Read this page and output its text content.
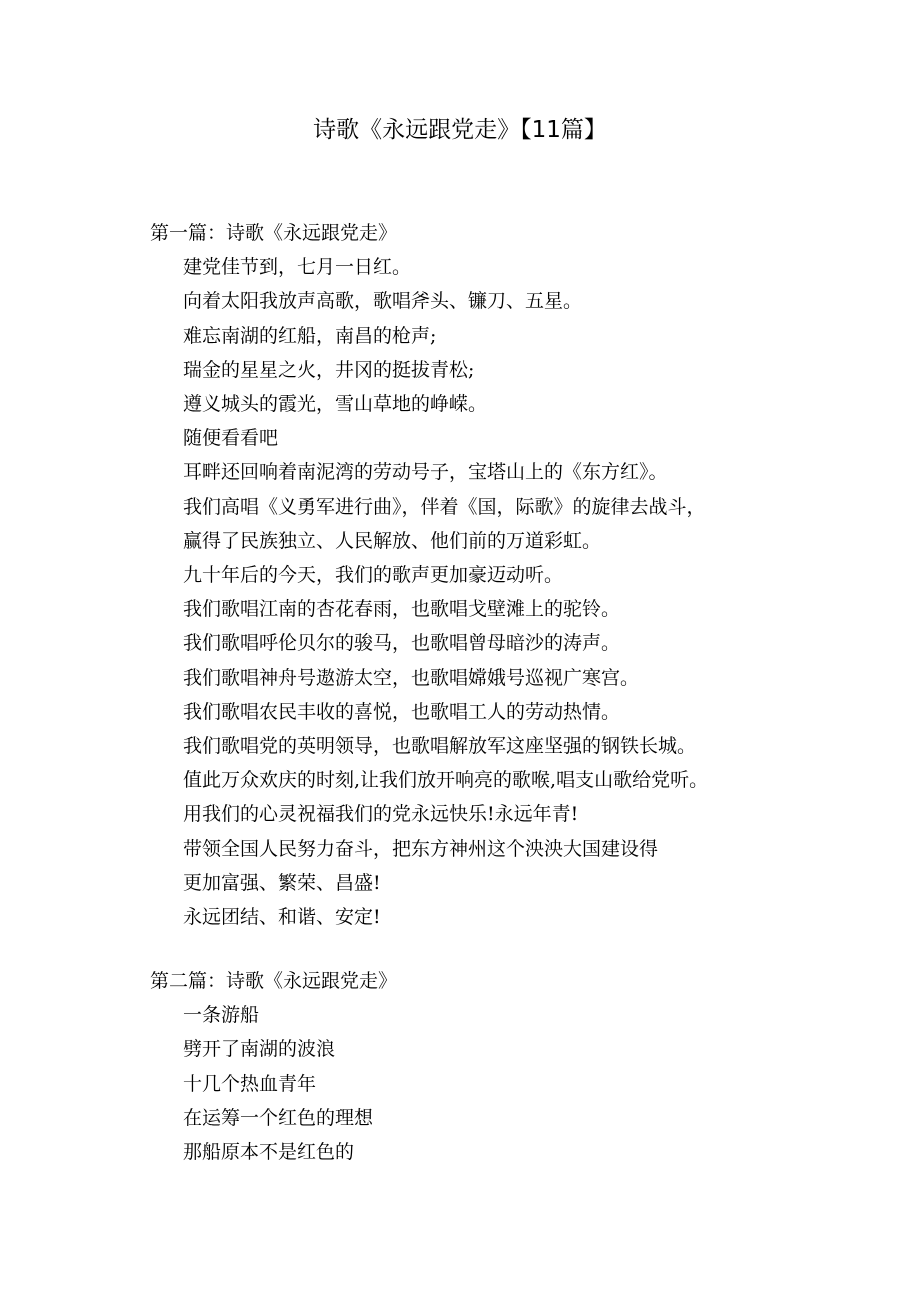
诗歌《永远跟党走》【11篇】

第一篇：诗歌《永远跟党走》

建党佳节到，七月一日红。

向着太阳我放声高歌，歌唱斧头、镰刀、五星。

难忘南湖的红船，南昌的枪声;

瑞金的星星之火，井冈的挺拔青松;

遵义城头的霞光，雪山草地的峥嵘。

随便看看吧

耳畔还回响着南泥湾的劳动号子，宝塔山上的《东方红》。

我们高唱《义勇军进行曲》，伴着《国，际歌》的旋律去战斗，

赢得了民族独立、人民解放、他们前的万道彩虹。

九十年后的今天，我们的歌声更加豪迈动听。

我们歌唱江南的杏花春雨，也歌唱戈壁滩上的驼铃。

我们歌唱呼伦贝尔的骏马，也歌唱曾母暗沙的涛声。

我们歌唱神舟号遨游太空，也歌唱嫦娥号巡视广寒宫。

我们歌唱农民丰收的喜悦，也歌唱工人的劳动热情。

我们歌唱党的英明领导，也歌唱解放军这座坚强的钢铁长城。

值此万众欢庆的时刻,让我们放开响亮的歌喉,唱支山歌给党听。

用我们的心灵祝福我们的党永远快乐!永远年青!

带领全国人民努力奋斗，把东方神州这个泱泱大国建设得

更加富强、繁荣、昌盛!

永远团结、和谐、安定!

第二篇：诗歌《永远跟党走》

一条游船

劈开了南湖的波浪

十几个热血青年

在运筹一个红色的理想

那船原本不是红色的
